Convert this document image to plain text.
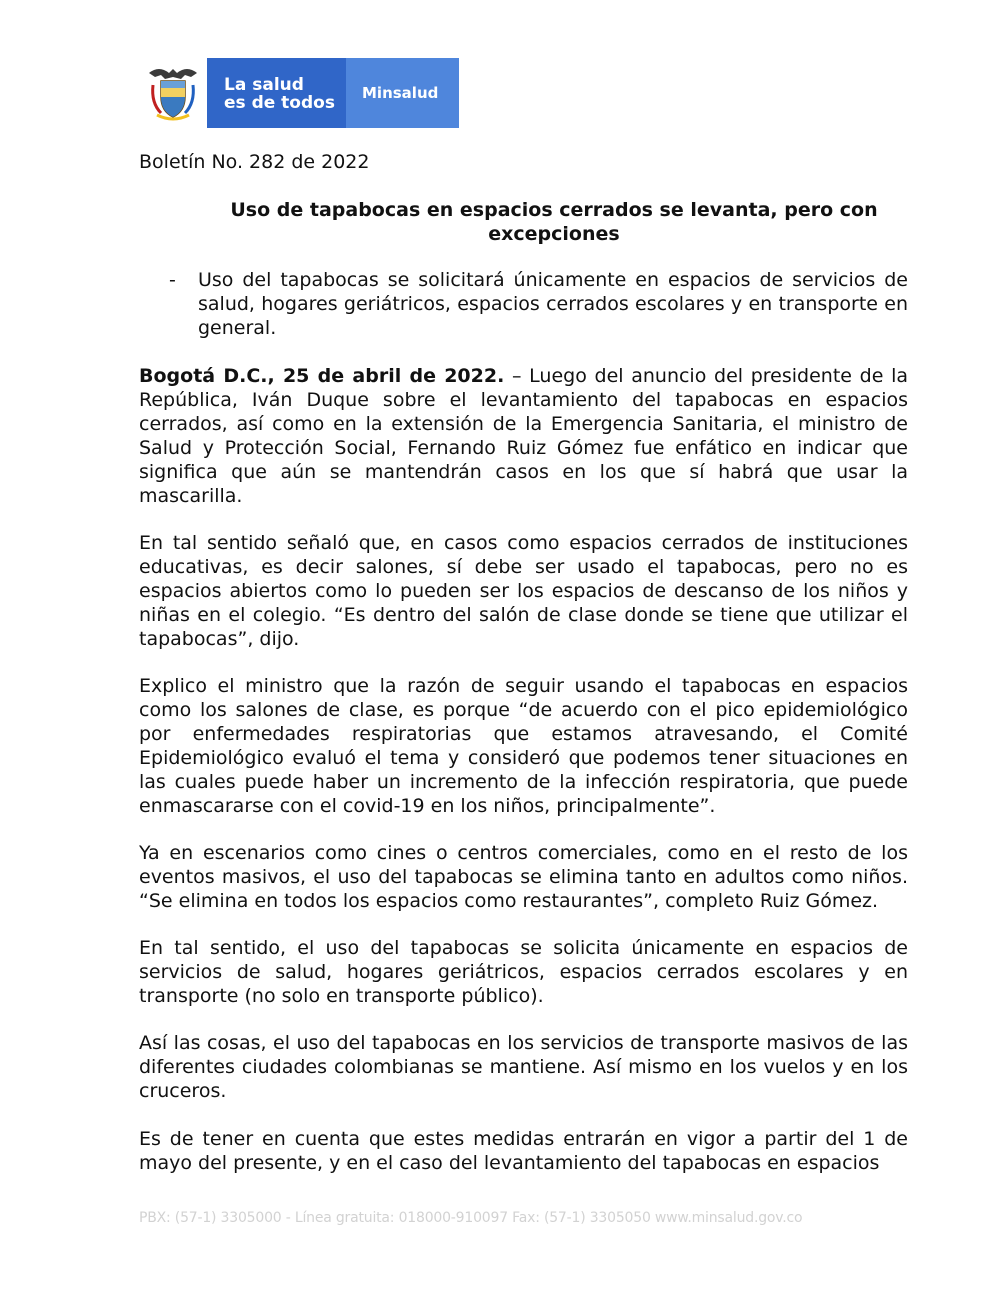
La salud
es de todos	Minsalud
Boletín No. 282 de 2022
Uso de tapabocas en espacios cerrados se levanta, pero con excepciones
- Uso del tapabocas se solicitará únicamente en espacios de servicios de salud, hogares geriátricos, espacios cerrados escolares y en transporte en general.

Bogotá D.C., 25 de abril de 2022. – Luego del anuncio del presidente de la República, Iván Duque sobre el levantamiento del tapabocas en espacios cerrados, así como en la extensión de la Emergencia Sanitaria, el ministro de Salud y Protección Social, Fernando Ruiz Gómez fue enfático en indicar que significa que aún se mantendrán casos en los que sí habrá que usar la mascarilla.

En tal sentido señaló que, en casos como espacios cerrados de instituciones educativas, es decir salones, sí debe ser usado el tapabocas, pero no es espacios abiertos como lo pueden ser los espacios de descanso de los niños y niñas en el colegio. “Es dentro del salón de clase donde se tiene que utilizar el tapabocas”, dijo.

Explico el ministro que la razón de seguir usando el tapabocas en espacios como los salones de clase, es porque “de acuerdo con el pico epidemiológico por enfermedades respiratorias que estamos atravesando, el Comité Epidemiológico evaluó el tema y consideró que podemos tener situaciones en las cuales puede haber un incremento de la infección respiratoria, que puede enmascararse con el covid-19 en los niños, principalmente”.

Ya en escenarios como cines o centros comerciales, como en el resto de los eventos masivos, el uso del tapabocas se elimina tanto en adultos como niños. “Se elimina en todos los espacios como restaurantes”, completo Ruiz Gómez.

En tal sentido, el uso del tapabocas se solicita únicamente en espacios de servicios de salud, hogares geriátricos, espacios cerrados escolares y en transporte (no solo en transporte público).

Así las cosas, el uso del tapabocas en los servicios de transporte masivos de las diferentes ciudades colombianas se mantiene. Así mismo en los vuelos y en los cruceros.

Es de tener en cuenta que estes medidas entrarán en vigor a partir del 1 de mayo del presente, y en el caso del levantamiento del tapabocas en espacios

PBX: (57-1) 3305000 - Línea gratuita: 018000-910097 Fax: (57-1) 3305050 www.minsalud.gov.co
